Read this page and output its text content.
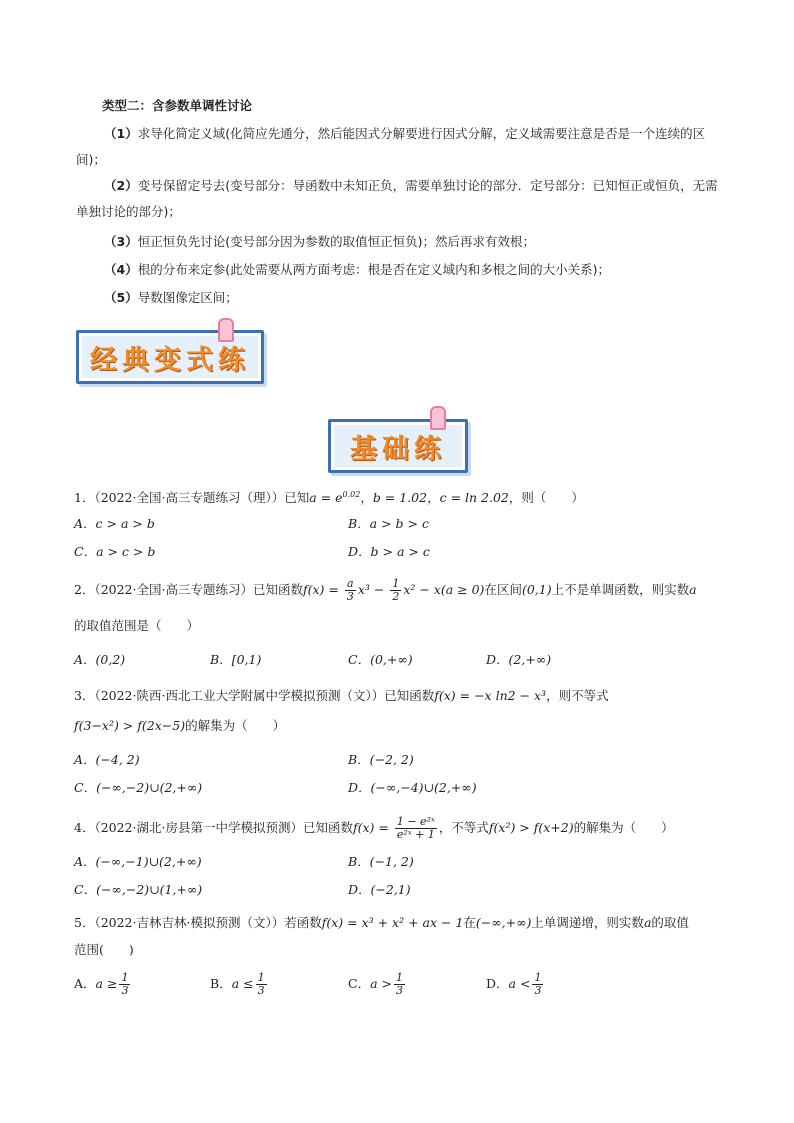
类型二：含参数单调性讨论
（1）求导化简定义域(化简应先通分，然后能因式分解要进行因式分解，定义域需要注意是否是一个连续的区间)；
（2）变号保留定号去(变号部分：导函数中未知正负，需要单独讨论的部分．定号部分：已知恒正或恒负，无需单独讨论的部分)；
（3）恒正恒负先讨论(变号部分因为参数的取值恒正恒负)；然后再求有效根；
（4）根的分布来定参(此处需要从两方面考虑：根是否在定义域内和多根之间的大小关系)；
（5）导数图像定区间；
经典变式练
基础练
1．（2022·全国·高三专题练习（理））已知$a = e^{0.02}$，b = 1.02，c = ln 2.02，则（　　）
A．c > a > b	B．a > b > c
C．a > c > b	D．b > a > c
2．（2022·全国·高三专题练习）已知函数$f(x) = \frac{a}{3} x^3 - \frac{1}{2} x^2 - x(a \ge 0)$在区间(0,1)上不是单调函数，则实数a
的取值范围是（　　）
A．(0,2)	B．[0,1)	C．(0,+∞)	D．(2,+∞)
3．（2022·陕西·西北工业大学附属中学模拟预测（文））已知函数f(x) = −x ln2 − x³，则不等式
f(3−x²) > f(2x−5)的解集为（　　）
A．(−4, 2)	B．(−2, 2)
C．(−∞,−2)∪(2,+∞)	D．(−∞,−4)∪(2,+∞)
4．（2022·湖北·房县第一中学模拟预测）已知函数$f(x) = \frac{\text{1 − e²ˣ}}{\text{e²ˣ + 1}}$ ，不等式f(x²) > f(x+2)的解集为（　　）
A．(−∞,−1)∪(2,+∞)	B．(−1, 2)
C．(−∞,−2)∪(1,+∞)	D．(−2,1)
5．（2022·吉林吉林·模拟预测（文））若函数f(x) = x³ + x² + ax − 1在(−∞,+∞)上单调递增，则实数a的取值
范围(　　)
A．$a \ge \frac{1}{3}$	B．$a \le \frac{1}{3}$	C．$a > \frac{1}{3}$	D．$a < \frac{1}{3}$
